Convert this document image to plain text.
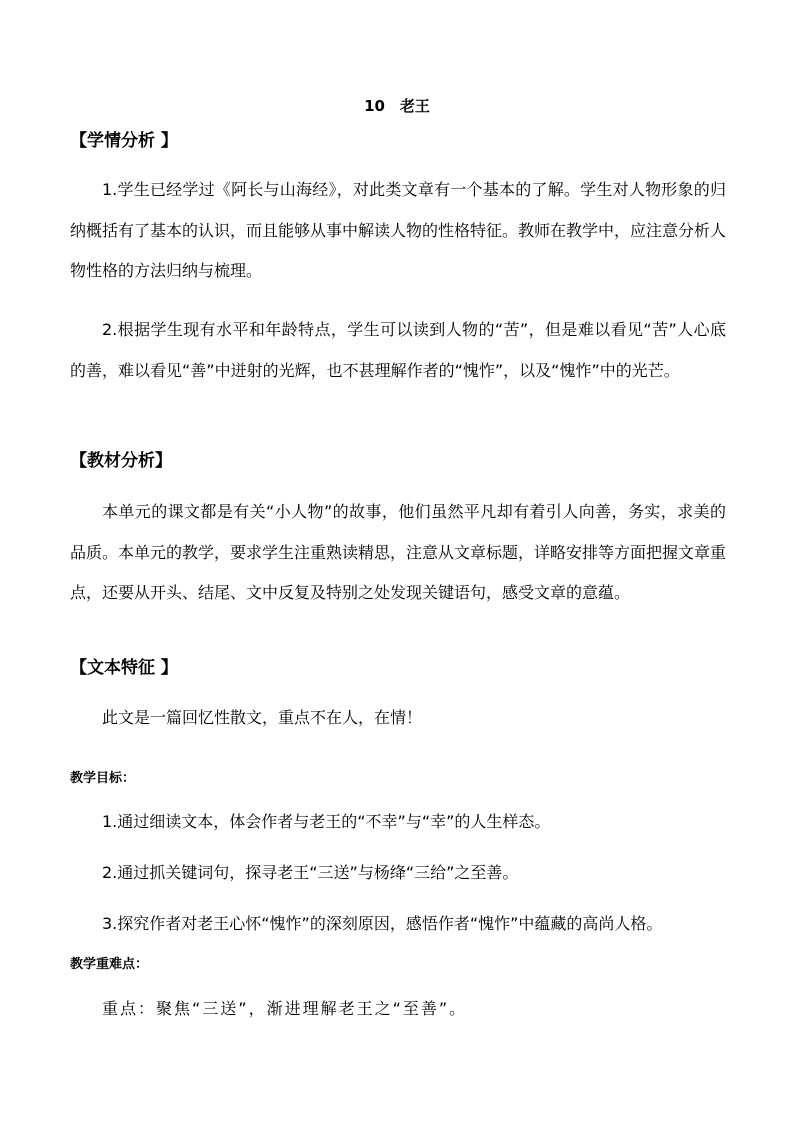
10　老王
【学情分析 】
1.学生已经学过《阿长与山海经》，对此类文章有一个基本的了解。学生对人物形象的归纳概括有了基本的认识，而且能够从事中解读人物的性格特征。教师在教学中，应注意分析人物性格的方法归纳与梳理。
2.根据学生现有水平和年龄特点，学生可以读到人物的“苦”，但是难以看见“苦”人心底的善，难以看见“善”中迸射的光辉，也不甚理解作者的“愧怍”，以及“愧怍”中的光芒。
【教材分析】
本单元的课文都是有关“小人物”的故事，他们虽然平凡却有着引人向善，务实，求美的品质。本单元的教学，要求学生注重熟读精思，注意从文章标题，详略安排等方面把握文章重点，还要从开头、结尾、文中反复及特别之处发现关键语句，感受文章的意蕴。
【文本特征 】
此文是一篇回忆性散文，重点不在人，在情！
教学目标：
1.通过细读文本，体会作者与老王的“不幸”与“幸”的人生样态。
2.通过抓关键词句，探寻老王“三送”与杨绛“三给”之至善。
3.探究作者对老王心怀“愧怍”的深刻原因，感悟作者“愧怍”中蕴藏的高尚人格。
教学重难点：
重点：聚焦“三送”，渐进理解老王之“至善”。
